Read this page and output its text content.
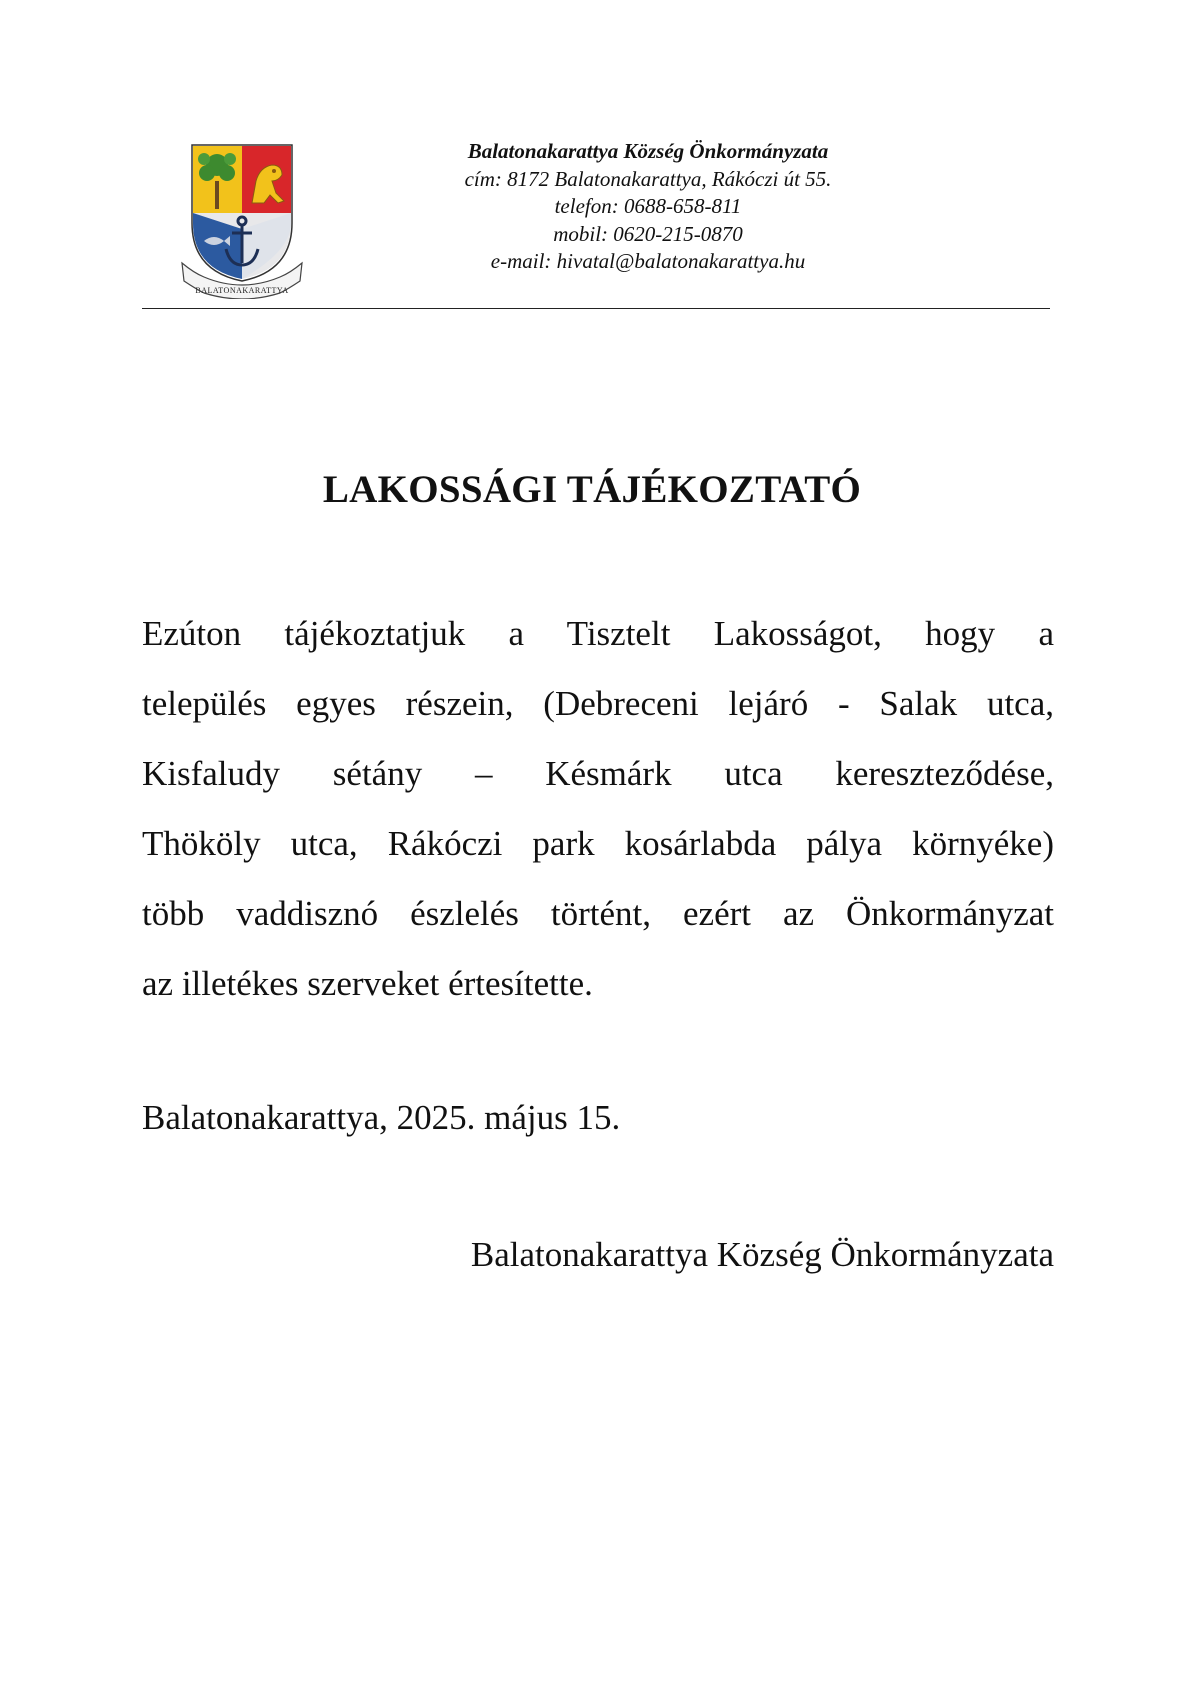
BALATONAKARATTYA
Balatonakarattya Község Önkormányzata
cím: 8172 Balatonakarattya, Rákóczi út 55.
telefon: 0688-658-811
mobil: 0620-215-0870
e-mail: hivatal@balatonakarattya.hu
LAKOSSÁGI TÁJÉKOZTATÓ
Ezúton tájékoztatjuk a Tisztelt Lakosságot, hogy a
település egyes részein, (Debreceni lejáró - Salak utca,
Kisfaludy sétány – Késmárk utca kereszteződése,
Thököly utca, Rákóczi park kosárlabda pálya környéke)
több vaddisznó észlelés történt, ezért az Önkormányzat
az illetékes szerveket értesítette.
Balatonakarattya, 2025. május 15.
Balatonakarattya Község Önkormányzata
